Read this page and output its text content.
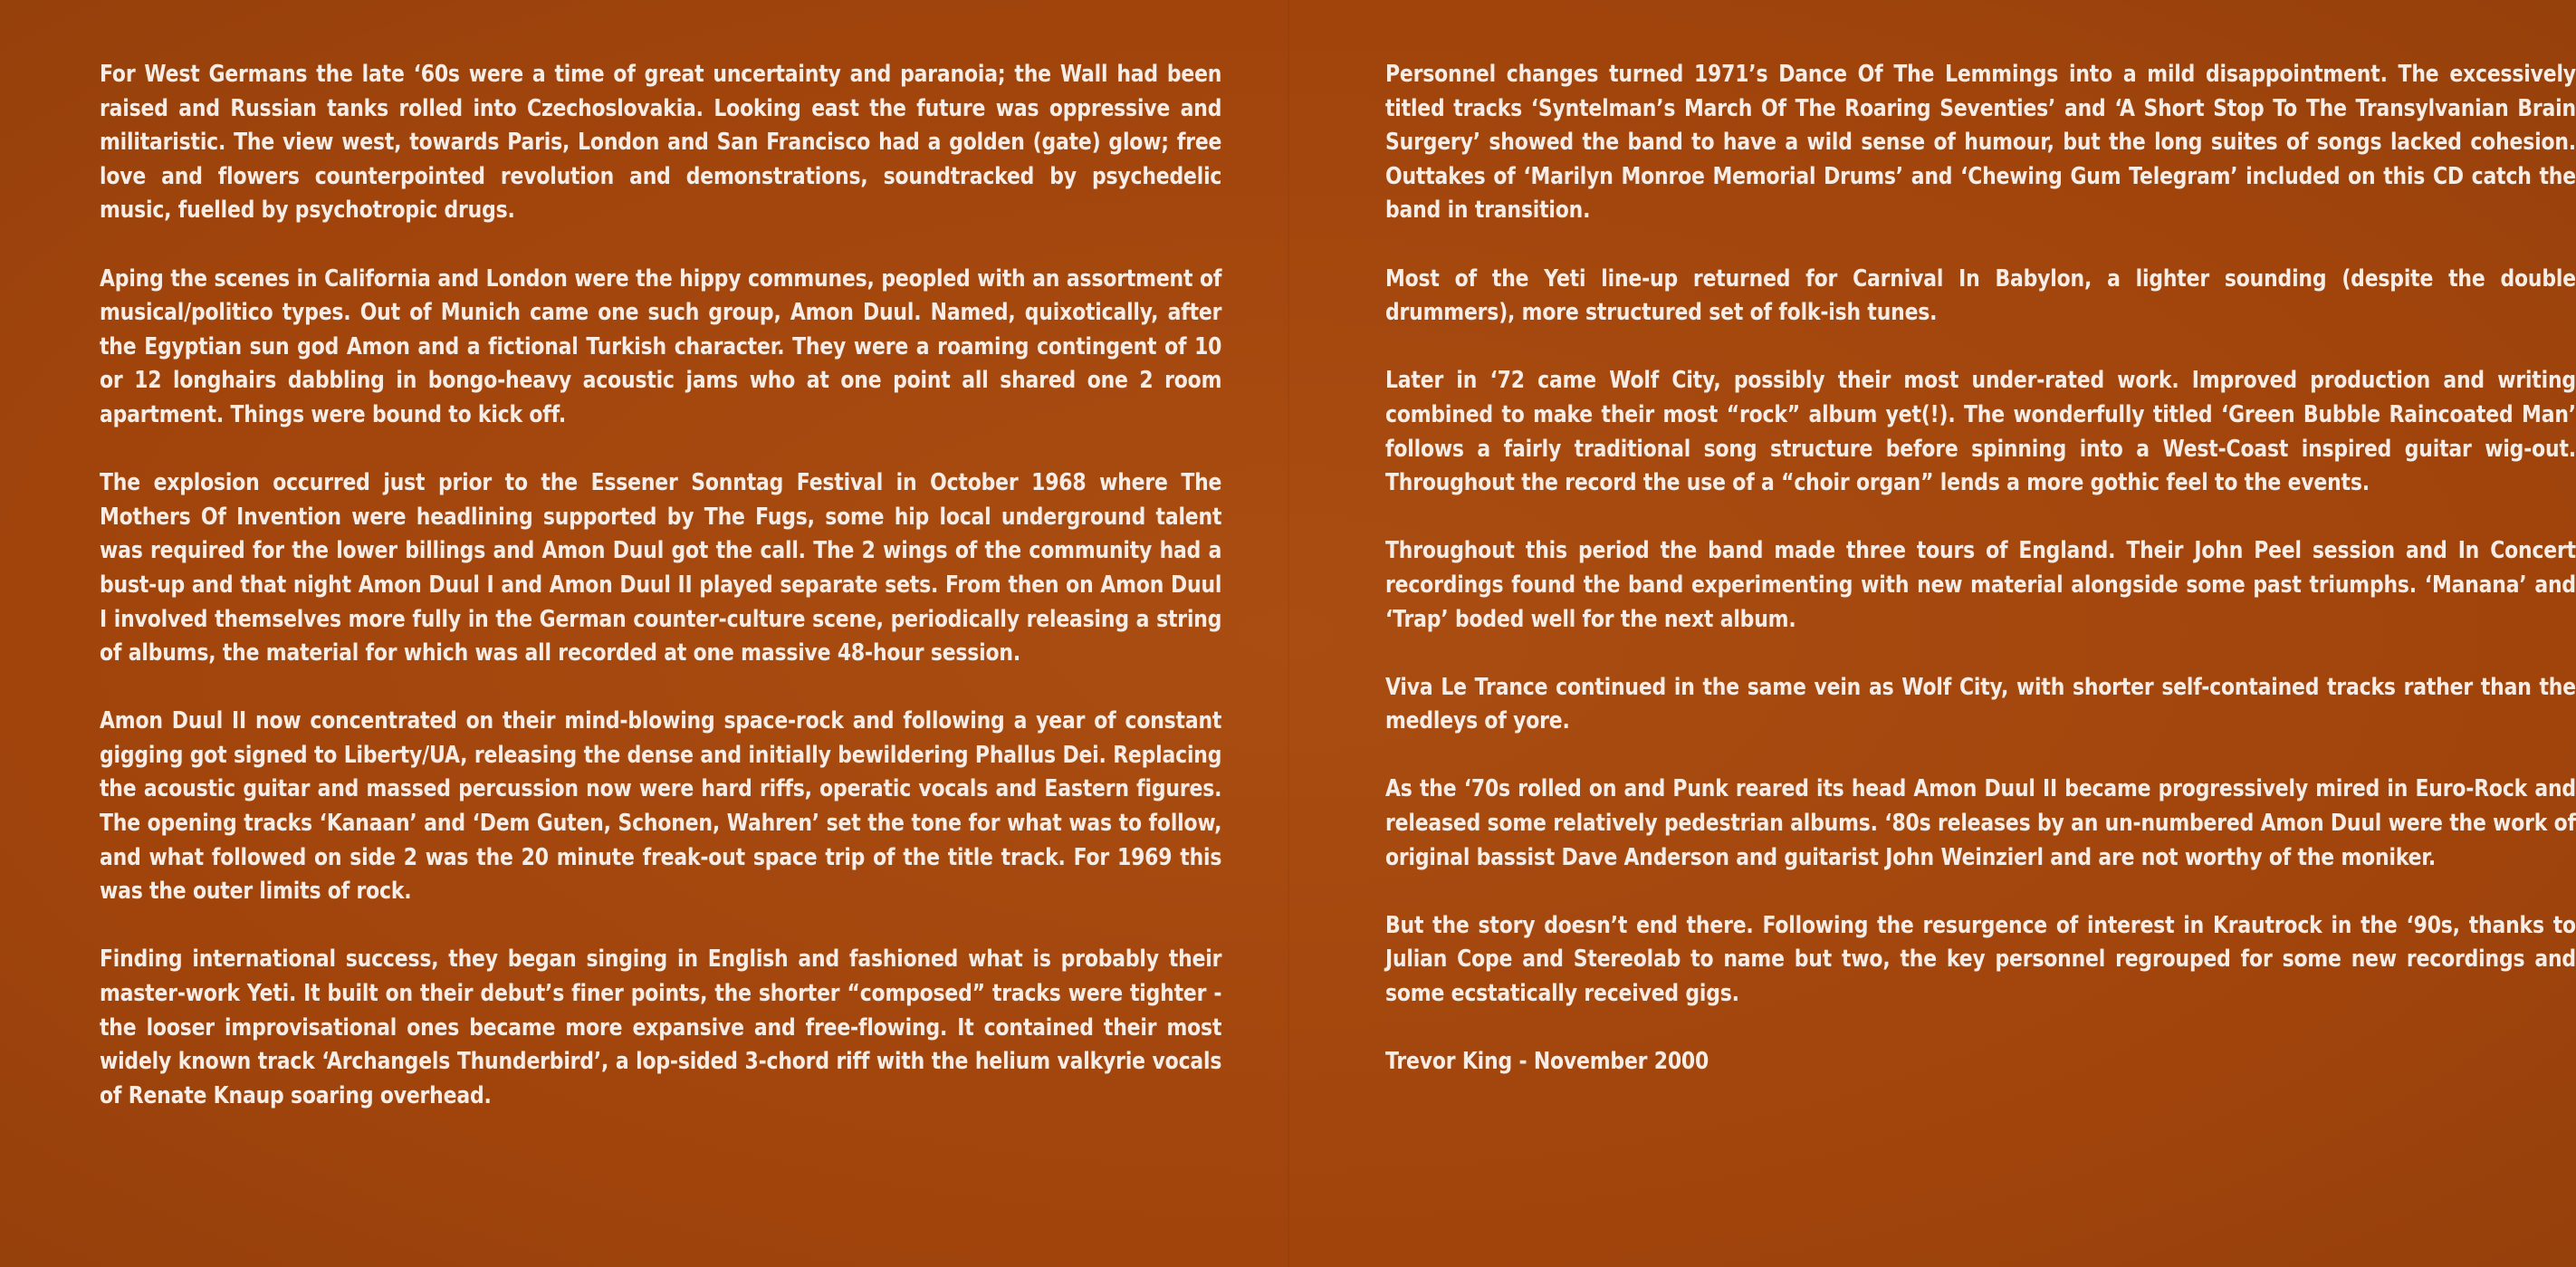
For West Germans the late ‘60s were a time of great uncertainty and paranoia; the Wall had been raised and Russian tanks rolled into Czechoslovakia. Looking east the future was oppressive and militaristic. The view west, towards Paris, London and San Francisco had a golden (gate) glow; free love and flowers counterpointed revolution and demonstrations, soundtracked by psychedelic music, fuelled by psychotropic drugs.

Aping the scenes in California and London were the hippy communes, peopled with an assortment of musical/politico types. Out of Munich came one such group, Amon Duul. Named, quixotically, after the Egyptian sun god Amon and a fictional Turkish character. They were a roaming contingent of 10 or 12 longhairs dabbling in bongo-heavy acoustic jams who at one point all shared one 2 room apartment. Things were bound to kick off.

The explosion occurred just prior to the Essener Sonntag Festival in October 1968 where The Mothers Of Invention were headlining supported by The Fugs, some hip local underground talent was required for the lower billings and Amon Duul got the call. The 2 wings of the community had a bust-up and that night Amon Duul I and Amon Duul II played separate sets. From then on Amon Duul I involved themselves more fully in the German counter-culture scene, periodically releasing a string of albums, the material for which was all recorded at one massive 48-hour session.

Amon Duul II now concentrated on their mind-blowing space-rock and following a year of constant gigging got signed to Liberty/UA, releasing the dense and initially bewildering Phallus Dei. Replacing the acoustic guitar and massed percussion now were hard riffs, operatic vocals and Eastern figures. The opening tracks ‘Kanaan’ and ‘Dem Guten, Schonen, Wahren’ set the tone for what was to follow, and what followed on side 2 was the 20 minute freak-out space trip of the title track. For 1969 this was the outer limits of rock.

Finding international success, they began singing in English and fashioned what is probably their master-work Yeti. It built on their debut’s finer points, the shorter “composed” tracks were tighter - the looser improvisational ones became more expansive and free-flowing. It contained their most widely known track ‘Archangels Thunderbird’, a lop-sided 3-chord riff with the helium valkyrie vocals of Renate Knaup soaring overhead.

Personnel changes turned 1971’s Dance Of The Lemmings into a mild disappointment. The excessively titled tracks ‘Syntelman’s March Of The Roaring Seventies’ and ‘A Short Stop To The Transylvanian Brain Surgery’ showed the band to have a wild sense of humour, but the long suites of songs lacked cohesion. Outtakes of ‘Marilyn Monroe Memorial Drums’ and ‘Chewing Gum Telegram’ included on this CD catch the band in transition.

Most of the Yeti line-up returned for Carnival In Babylon, a lighter sounding (despite the double drummers), more structured set of folk-ish tunes.

Later in ‘72 came Wolf City, possibly their most under-rated work. Improved production and writing combined to make their most “rock” album yet(!). The wonderfully titled ‘Green Bubble Raincoated Man’ follows a fairly traditional song structure before spinning into a West-Coast inspired guitar wig-out. Throughout the record the use of a “choir organ” lends a more gothic feel to the events.

Throughout this period the band made three tours of England. Their John Peel session and In Concert recordings found the band experimenting with new material alongside some past triumphs. ‘Manana’ and ‘Trap’ boded well for the next album.

Viva Le Trance continued in the same vein as Wolf City, with shorter self-contained tracks rather than the medleys of yore.

As the ‘70s rolled on and Punk reared its head Amon Duul II became progressively mired in Euro-Rock and released some relatively pedestrian albums. ‘80s releases by an un-numbered Amon Duul were the work of original bassist Dave Anderson and guitarist John Weinzierl and are not worthy of the moniker.

But the story doesn’t end there. Following the resurgence of interest in Krautrock in the ‘90s, thanks to Julian Cope and Stereolab to name but two, the key personnel regrouped for some new recordings and some ecstatically received gigs.

Trevor King - November 2000
